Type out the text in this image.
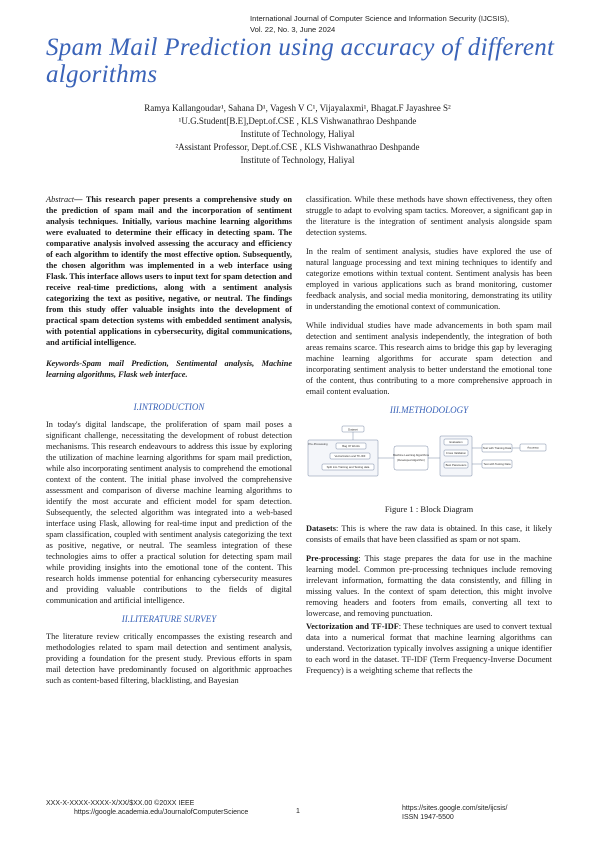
International Journal of Computer Science and Information Security (IJCSIS),
Vol. 22, No. 3, June 2024
Spam Mail Prediction using accuracy of different algorithms
Ramya Kallangoudar¹, Sahana D¹, Vagesh V C¹, Vijayalaxmi¹, Bhagat.F Jayashree S²
¹U.G.Student[B.E],Dept.of.CSE , KLS Vishwanathrao Deshpande
Institute of Technology, Haliyal
²Assistant Professor, Dept.of.CSE , KLS Vishwanathrao Deshpande
Institute of Technology, Haliyal

Abstract— This research paper presents a comprehensive study on the prediction of spam mail and the incorporation of sentiment analysis techniques. Initially, various machine learning algorithms were evaluated to determine their efficacy in detecting spam. The comparative analysis involved assessing the accuracy and efficiency of each algorithm to identify the most effective option. Subsequently, the chosen algorithm was implemented in a web interface using Flask. This interface allows users to input text for spam detection and receive real-time predictions, along with a sentiment analysis categorizing the text as positive, negative, or neutral. The findings from this study offer valuable insights into the development of practical spam detection systems with embedded sentiment analysis, with potential applications in cybersecurity, digital communications, and artificial intelligence.

Keywords-Spam mail Prediction, Sentimental analysis, Machine learning algorithms, Flask web interface.

I.INTRODUCTION

In today's digital landscape, the proliferation of spam mail poses a significant challenge, necessitating the development of robust detection mechanisms. This research endeavours to address this issue by exploring the utilization of machine learning algorithms for spam mail prediction, while also incorporating sentiment analysis to comprehend the emotional context of the content. The initial phase involved the comprehensive assessment and comparison of diverse machine learning algorithms to identify the most accurate and efficient model for spam detection. Subsequently, the selected algorithm was integrated into a web-based interface using Flask, allowing for real-time input and prediction of the spam classification, coupled with sentiment analysis categorizing the text as positive, negative, or neutral. The seamless integration of these technologies aims to offer a practical solution for detecting spam mail while providing insights into the emotional tone of the content. This research holds immense potential for enhancing cybersecurity measures and providing valuable contributions to the fields of digital communication and artificial intelligence.

II.LITERATURE SURVEY

The literature review critically encompasses the existing research and methodologies related to spam mail detection and sentiment analysis, providing a foundation for the present study. Previous efforts in spam mail detection have predominantly focused on algorithmic approaches such as content-based filtering, blacklisting, and Bayesian

classification. While these methods have shown effectiveness, they often struggle to adapt to evolving spam tactics. Moreover, a significant gap in the literature is the integration of sentiment analysis alongside spam detection systems.

In the realm of sentiment analysis, studies have explored the use of natural language processing and text mining techniques to identify and categorize emotions within textual content. Sentiment analysis has been employed in various applications such as brand monitoring, customer feedback analysis, and social media monitoring, demonstrating its utility in understanding the emotional context of communication.

While individual studies have made advancements in both spam mail detection and sentiment analysis independently, the integration of both areas remains scarce. This research aims to bridge this gap by leveraging machine learning algorithms for accurate spam detection and incorporating sentiment analysis to better understand the emotional tone of the content, thus contributing to a more comprehensive approach in email content evaluation.

III.METHODOLOGY
Dataset
Pre-Processing	Bag Of Words
Vectorization and TF-IDF
Split into Training and Testing data
Machine Learning Algorithms
(Developed Algorithm)
Evaluation
Cross Validation
Best Parameters
Test with Training Data
Test with Testing Data
Accuracy
Figure 1 : Block Diagram

Datasets: This is where the raw data is obtained. In this case, it likely consists of emails that have been classified as spam or not spam.

Pre-processing: This stage prepares the data for use in the machine learning model. Common pre-processing techniques include removing irrelevant information, formatting the data consistently, and filling in missing values. In the context of spam detection, this might involve removing headers and footers from emails, converting all text to lowercase, and removing punctuation.

Vectorization and TF-IDF: These techniques are used to convert textual data into a numerical format that machine learning algorithms can understand. Vectorization typically involves assigning a unique identifier to each word in the dataset. TF-IDF (Term Frequency-Inverse Document Frequency) is a weighting scheme that reflects the

XXX-X-XXXX-XXXX-X/XX/$XX.00 ©20XX IEEE
https://google.academia.edu/JournalofComputerScience	1	https://sites.google.com/site/ijcsis/
ISSN 1947-5500
